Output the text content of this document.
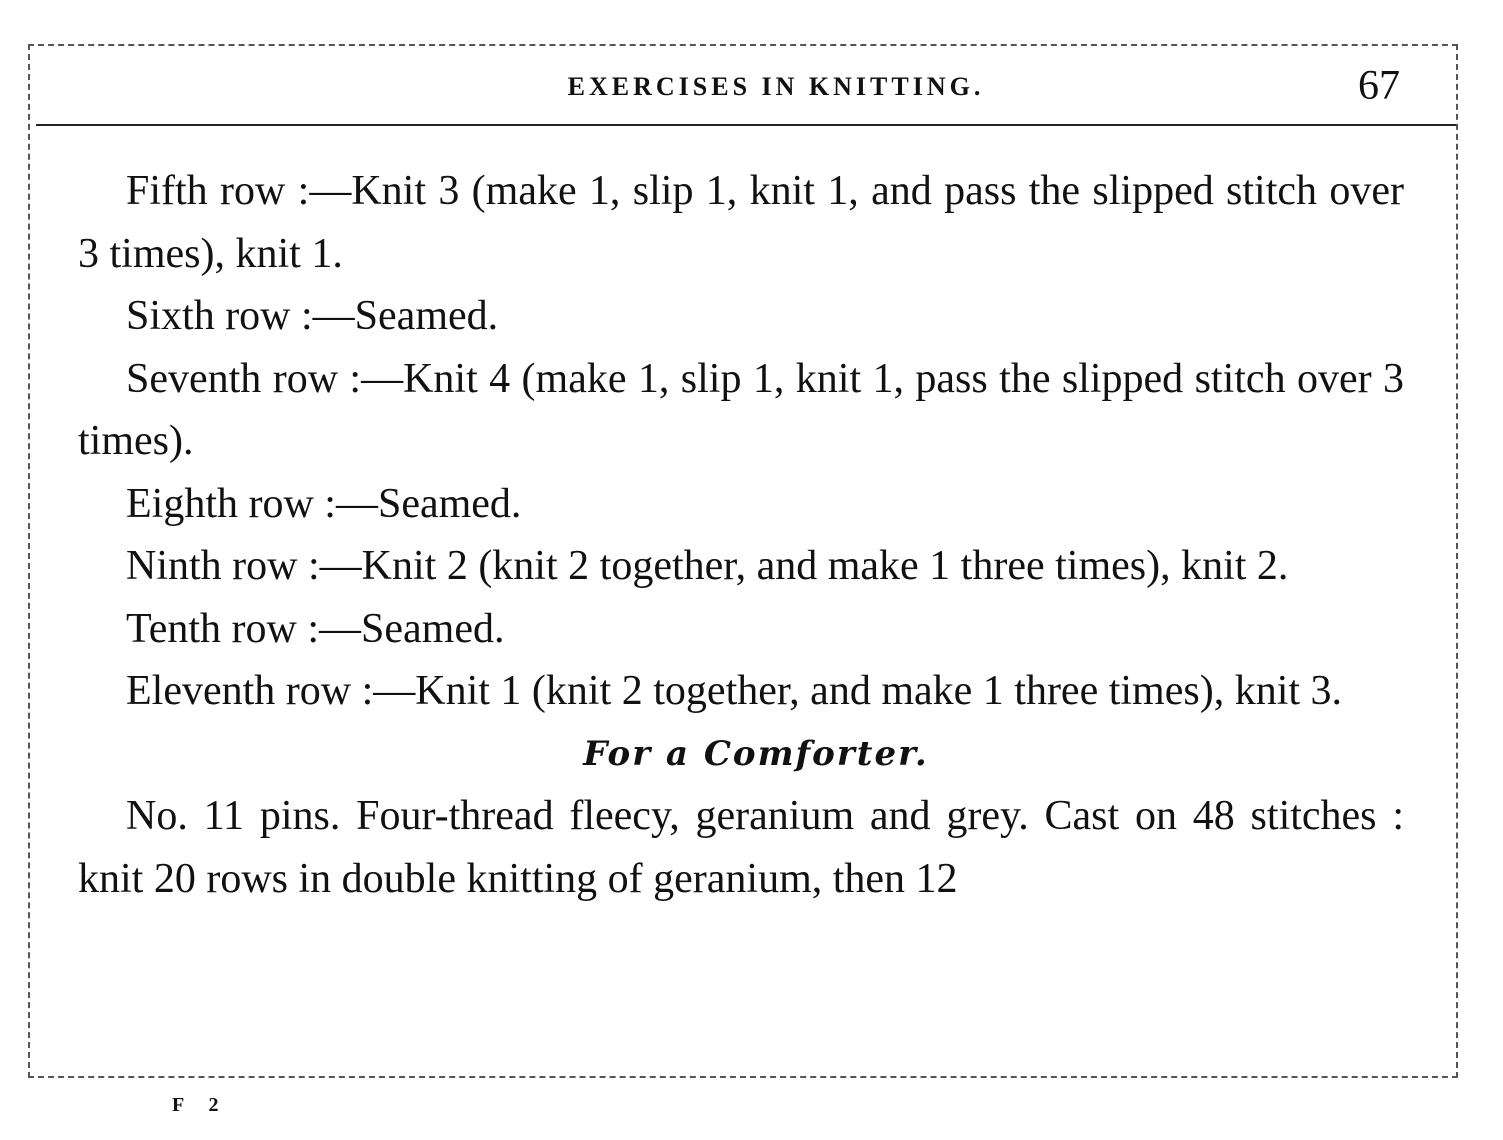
EXERCISES IN KNITTING.	67

Fifth row :—Knit 3 (make 1, slip 1, knit 1, and pass the slipped stitch over 3 times), knit 1.

Sixth row :—Seamed.

Seventh row :—Knit 4 (make 1, slip 1, knit 1, pass the slipped stitch over 3 times).

Eighth row :—Seamed.

Ninth row :—Knit 2 (knit 2 together, and make 1 three times), knit 2.

Tenth row :—Seamed.

Eleventh row :—Knit 1 (knit 2 together, and make 1 three times), knit 3.

For a Comforter.

No. 11 pins. Four-thread fleecy, geranium and grey. Cast on 48 stitches : knit 20 rows in double knitting of geranium, then 12

F 2
